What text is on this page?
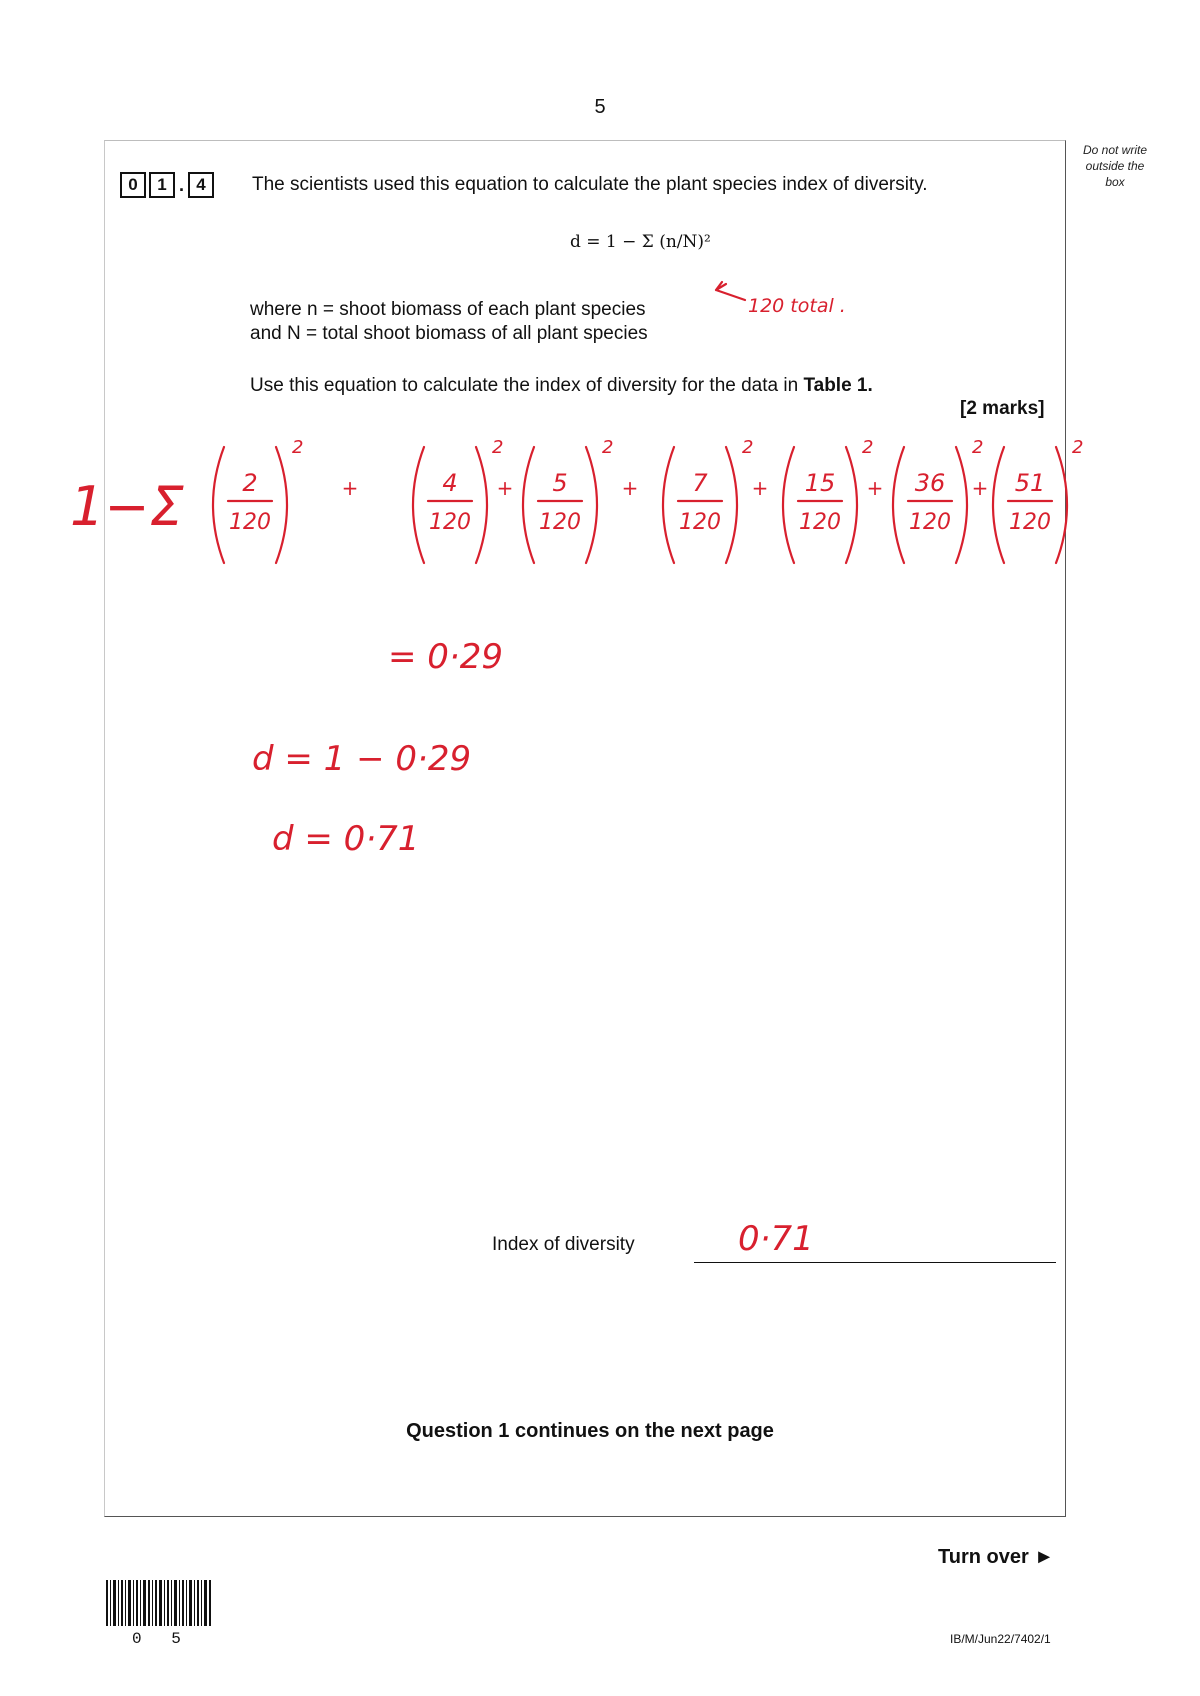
5
Do not write
outside the
box
0	1 . 4	The scientists used this equation to calculate the plant species index of diversity.
d = 1 − Σ (n/N)²
where n = shoot biomass of each plant species
and N = total shoot biomass of all plant species
Use this equation to calculate the index of diversity for the data in Table 1.
[2 marks]
120 total .
1−Σ 2
120
2
+	4
120
2
+ 5
120
2
+ 7
120
2
+ 15
120
2
+ 36
120
2
+ 51
120
2
= 0·29
d = 1 − 0·29
d = 0·71
0·71
Index of diversity
Question 1 continues on the next page
Turn over ►
0 5	IB/M/Jun22/7402/1
